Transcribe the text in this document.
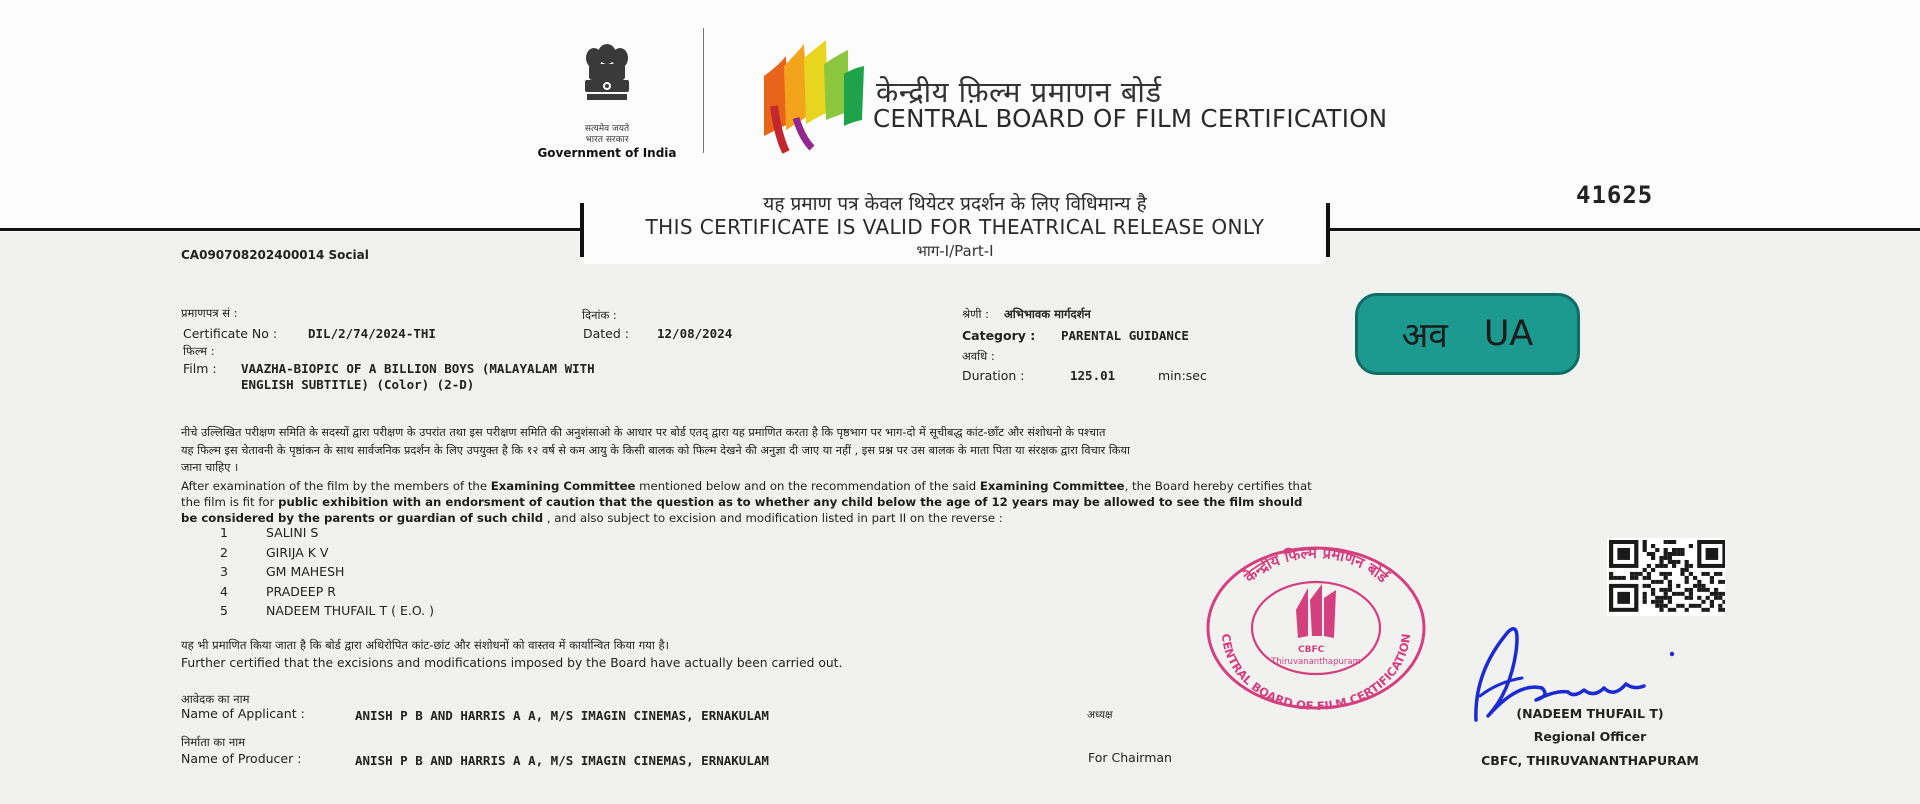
सत्यमेव जयते
भारत सरकार
Government of India
केन्द्रीय फ़िल्म प्रमाणन बोर्ड
CENTRAL BOARD OF FILM CERTIFICATION
यह प्रमाण पत्र केवल थियेटर प्रदर्शन के लिए विधिमान्य है
THIS CERTIFICATE IS VALID FOR THEATRICAL RELEASE ONLY
भाग-I/Part-I
41625
CA090708202400014 Social
प्रमाणपत्र सं :
Certificate No : DIL/2/74/2024-THI
दिनांक :
Dated : 12/08/2024
श्रेणी : अभिभावक मार्गदर्शन
Category : PARENTAL GUIDANCE
फिल्म :
Film : VAAZHA-BIOPIC OF A BILLION BOYS (MALAYALAM WITH
ENGLISH SUBTITLE) (Color) (2-D)
अवधि :
Duration :	125.01	min:sec
अव UA
नीचे उल्लिखित परीक्षण समिति के सदस्यों द्वारा परीक्षण के उपरांत तथा इस परीक्षण समिति की अनुशंसाओ के आधार पर बोर्ड एतद् द्वारा यह प्रमाणित करता है कि पृष्ठभाग पर भाग-दो में सूचीबद्ध कांट-छाँट और संशोधनो के पश्चात
यह फिल्म इस चेतावनी के पृष्ठांकन के साथ सार्वजनिक प्रदर्शन के लिए उपयुक्त है कि १२ वर्ष से कम आयु के किसी बालक को फिल्म देखने की अनुज्ञा दी जाए या नहीं , इस प्रश्न पर उस बालक के माता पिता या संरक्षक द्वारा विचार किया
जाना चाहिए ।
After examination of the film by the members of the Examining Committee mentioned below and on the recommendation of the said Examining Committee, the Board hereby certifies that
the film is fit for public exhibition with an endorsment of caution that the question as to whether any child below the age of 12 years may be allowed to see the film should
be considered by the parents or guardian of such child , and also subject to excision and modification listed in part II on the reverse :
1	SALINI S
2	GIRIJA K V
3	GM MAHESH
4	PRADEEP R
5	NADEEM THUFAIL T ( E.O. )
यह भी प्रमाणित किया जाता है कि बोर्ड द्वारा अधिरोपित कांट-छांट और संशोधनों को वास्तव में कार्यान्वित किया गया है।
Further certified that the excisions and modifications imposed by the Board have actually been carried out.
आवेदक का नाम
Name of Applicant :	ANISH P B AND HARRIS A A, M/S IMAGIN CINEMAS, ERNAKULAM
निर्माता का नाम
Name of Producer :	ANISH P B AND HARRIS A A, M/S IMAGIN CINEMAS, ERNAKULAM
अध्यक्ष
For Chairman
केन्द्रीय फिल्म प्रमाणन बोर्ड
CENTRAL BOARD OF FILM CERTIFICATION
CBFC
Thiruvananthapuram
(NADEEM THUFAIL T)
Regional Officer
CBFC, THIRUVANANTHAPURAM
